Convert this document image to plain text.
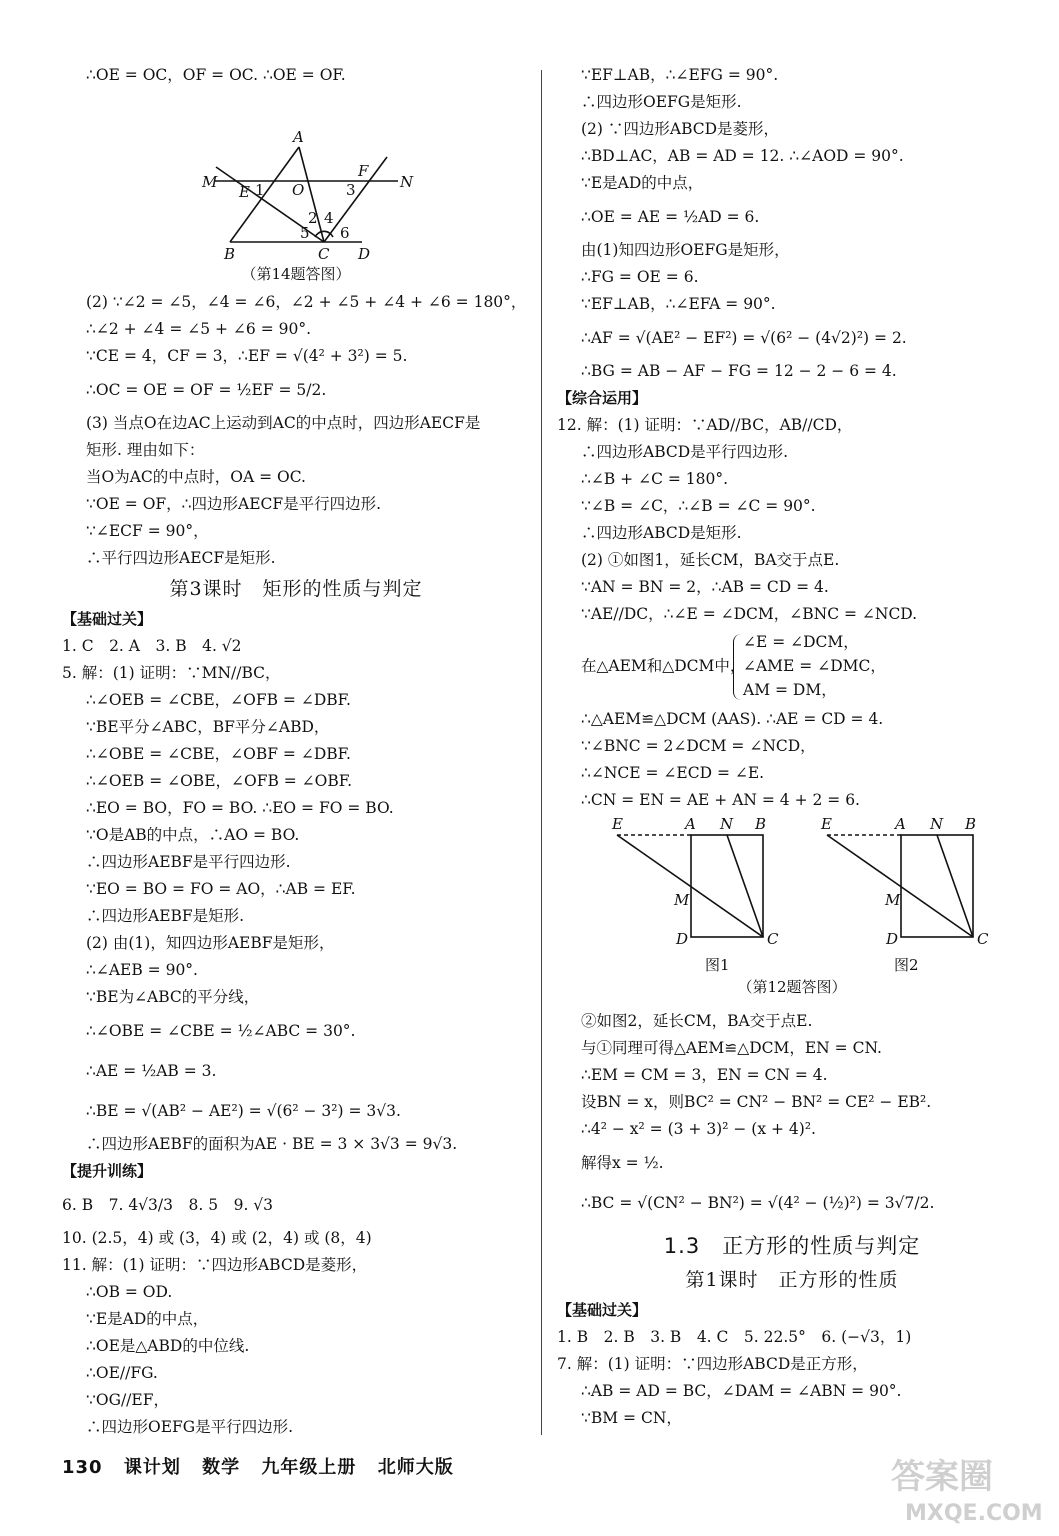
∴OE = OC，OF = OC. ∴OE = OF.
A
M	N
E 1 O
F
3
2 4
5 6
B	C D
（第14题答图）
(2) ∵∠2 = ∠5，∠4 = ∠6，∠2 + ∠5 + ∠4 + ∠6 = 180°，
∴∠2 + ∠4 = ∠5 + ∠6 = 90°.
∵CE = 4，CF = 3，∴EF = √(4² + 3²) = 5.
∴OC = OE = OF = ½EF = 5/2.
(3) 当点O在边AC上运动到AC的中点时，四边形AECF是
矩形. 理由如下：
当O为AC的中点时，OA = OC.
∵OE = OF，∴四边形AECF是平行四边形.
∵∠ECF = 90°，
∴平行四边形AECF是矩形.
第3课时　矩形的性质与判定
【基础过关】
1. C　2. A　3. B　4. √2
5. 解：(1) 证明：∵MN//BC，
∴∠OEB = ∠CBE，∠OFB = ∠DBF.
∵BE平分∠ABC，BF平分∠ABD，
∴∠OBE = ∠CBE，∠OBF = ∠DBF.
∴∠OEB = ∠OBE，∠OFB = ∠OBF.
∴EO = BO，FO = BO. ∴EO = FO = BO.
∵O是AB的中点，∴AO = BO.
∴四边形AEBF是平行四边形.
∵EO = BO = FO = AO，∴AB = EF.
∴四边形AEBF是矩形.
(2) 由(1)，知四边形AEBF是矩形，
∴∠AEB = 90°.
∵BE为∠ABC的平分线，
∴∠OBE = ∠CBE = ½∠ABC = 30°.
∴AE = ½AB = 3.
∴BE = √(AB² − AE²) = √(6² − 3²) = 3√3.
∴四边形AEBF的面积为AE · BE = 3 × 3√3 = 9√3.
【提升训练】
6. B　7. 4√3/3　8. 5　9. √3
10. (2.5，4) 或 (3，4) 或 (2，4) 或 (8，4)
11. 解：(1) 证明：∵四边形ABCD是菱形，
∴OB = OD.
∵E是AD的中点，
∴OE是△ABD的中位线.
∴OE//FG.
∵OG//EF，
∴四边形OEFG是平行四边形.
∵EF⊥AB，∴∠EFG = 90°.
∴四边形OEFG是矩形.
(2) ∵四边形ABCD是菱形，
∴BD⊥AC，AB = AD = 12. ∴∠AOD = 90°.
∵E是AD的中点，
∴OE = AE = ½AD = 6.
由(1)知四边形OEFG是矩形，
∴FG = OE = 6.
∵EF⊥AB，∴∠EFA = 90°.
∴AF = √(AE² − EF²) = √(6² − (4√2)²) = 2.
∴BG = AB − AF − FG = 12 − 2 − 6 = 4.
【综合运用】
12. 解：(1) 证明：∵AD//BC，AB//CD，
∴四边形ABCD是平行四边形.
∴∠B + ∠C = 180°.
∵∠B = ∠C，∴∠B = ∠C = 90°.
∴四边形ABCD是矩形.
(2) ①如图1，延长CM，BA交于点E.
∵AN = BN = 2，∴AB = CD = 4.
∵AE//DC，∴∠E = ∠DCM，∠BNC = ∠NCD.
在△AEM和△DCM中，
∠E = ∠DCM，
∠AME = ∠DMC，
AM = DM，
∴△AEM≌△DCM (AAS). ∴AE = CD = 4.
∵∠BNC = 2∠DCM = ∠NCD，
∴∠NCE = ∠ECD = ∠E.
∴CN = EN = AE + AN = 4 + 2 = 6.
E	A N B
M
D	C
E	A N B
M
D	C
图1	图2
（第12题答图）
②如图2，延长CM，BA交于点E.
与①同理可得△AEM≌△DCM，EN = CN.
∴EM = CM = 3，EN = CN = 4.
设BN = x，则BC² = CN² − BN² = CE² − EB².
∴4² − x² = (3 + 3)² − (x + 4)².
解得x = ½.
∴BC = √(CN² − BN²) = √(4² − (½)²) = 3√7/2.
1.3　正方形的性质与判定
第1课时　正方形的性质
【基础过关】
1. B　2. B　3. B　4. C　5. 22.5°　6. (−√3，1)
7. 解：(1) 证明：∵四边形ABCD是正方形，
∴AB = AD = BC，∠DAM = ∠ABN = 90°.
∵BM = CN，
130 课计划 数学 九年级上册 北师大版	答案圈
MXQE.COM
